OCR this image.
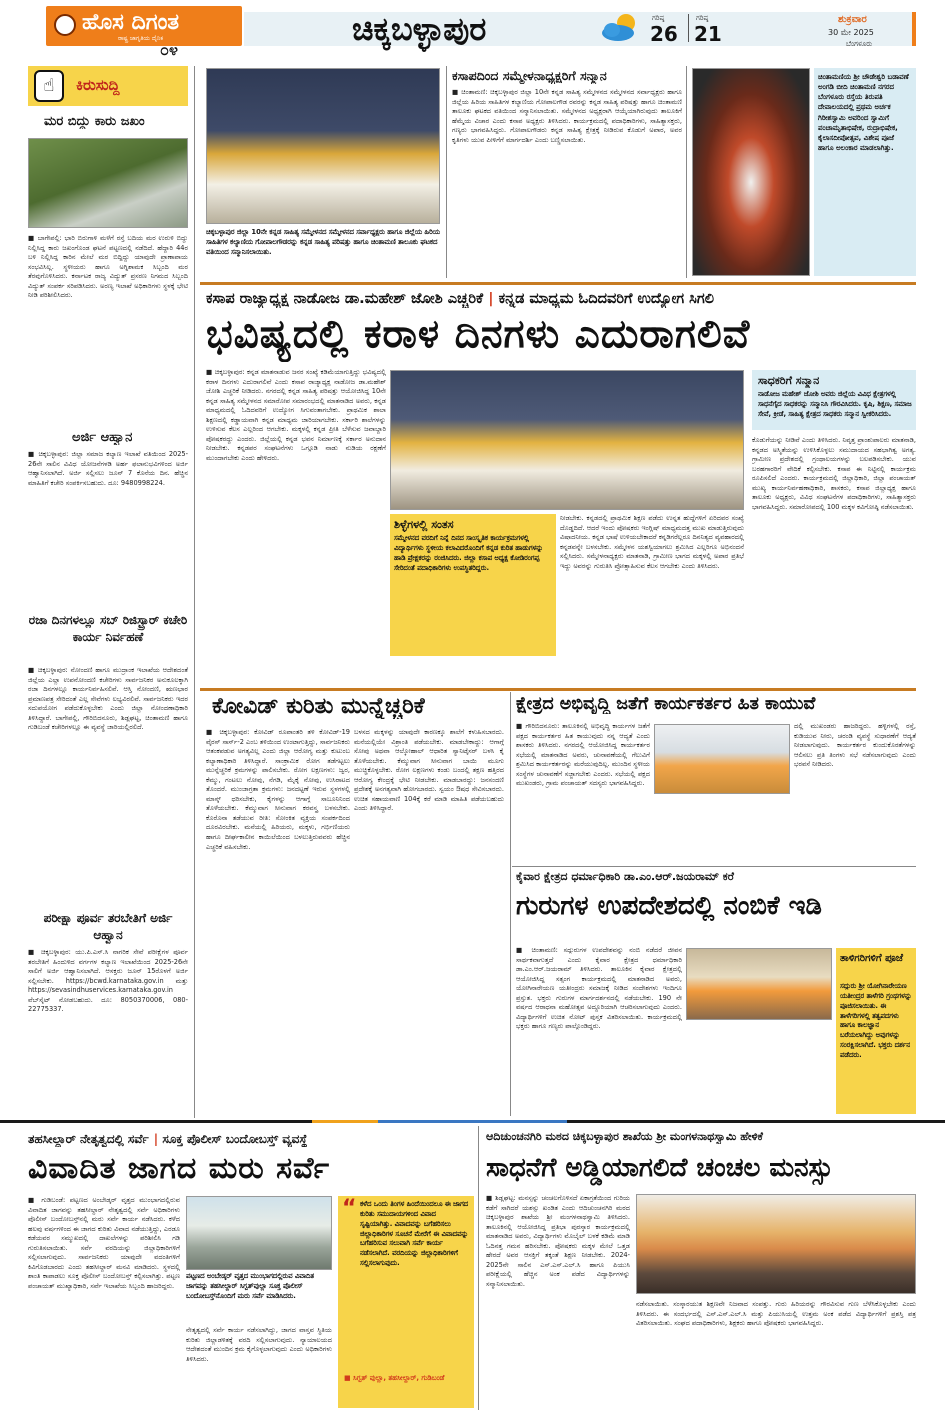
ಹೊಸ ದಿಗಂತ
ರಾಷ್ಟ್ರ ಜಾಗೃತಿಯ ದೈನಿಕ
೦೪
ಚಿಕ್ಕಬಳ್ಳಾಪುರ	ಗರಿಷ್ಠ
26
ಗರಿಷ್ಠ
21
ಶುಕ್ರವಾರ
30 ಮೇ 2025
ಬೆಂಗಳೂರು
☝	ಕಿರುಸುದ್ದಿ
ಮರ ಬಿದ್ದು ಕಾರು ಜಖಂ
■ ಬಾಗೇಪಲ್ಲಿ: ಭಾರಿ ಬಿರುಗಾಳಿ ಮಳೆಗೆ ರಸ್ತೆ ಬದಿಯ ಮರ ಉರುಳಿ ಬಿದ್ದು ನಿಲ್ಲಿಸಿದ್ದ ಕಾರು ಜಖಂಗೊಂಡ ಘಟನೆ ಪಟ್ಟಣದಲ್ಲಿ ನಡೆದಿದೆ. ಹೆದ್ದಾರಿ 44ರ ಬಳಿ ನಿಲ್ಲಿಸಿದ್ದ ಕಾರಿನ ಮೇಲೆ ಮರ ಬಿದ್ದಿದ್ದು ಯಾವುದೇ ಪ್ರಾಣಾಪಾಯ ಸಂಭವಿಸಿಲ್ಲ. ಸ್ಥಳೀಯರು ಹಾಗೂ ಅಗ್ನಿಶಾಮಕ ಸಿಬ್ಬಂದಿ ಮರ ತೆರವುಗೊಳಿಸಿದರು. ಕರ್ನಾಟಕ ರಾಜ್ಯ ವಿದ್ಯುತ್ ಪ್ರಸರಣ ನಿಗಮದ ಸಿಬ್ಬಂದಿ ವಿದ್ಯುತ್ ಸಂಪರ್ಕ ಸರಿಪಡಿಸಿದರು. ಅರಣ್ಯ ಇಲಾಖೆ ಅಧಿಕಾರಿಗಳು ಸ್ಥಳಕ್ಕೆ ಭೇಟಿ ನೀಡಿ ಪರಿಶೀಲಿಸಿದರು.
ಅರ್ಜಿ ಆಹ್ವಾನ
■ ಚಿಕ್ಕಬಳ್ಳಾಪುರ: ಜಿಲ್ಲಾ ಸಮಾಜ ಕಲ್ಯಾಣ ಇಲಾಖೆ ವತಿಯಿಂದ 2025-26ನೇ ಸಾಲಿನ ವಿವಿಧ ಯೋಜನೆಗಳಡಿ ಅರ್ಹ ಫಲಾನುಭವಿಗಳಿಂದ ಅರ್ಜಿ ಆಹ್ವಾನಿಸಲಾಗಿದೆ. ಅರ್ಜಿ ಸಲ್ಲಿಸಲು ಜೂನ್ 7 ಕೊನೆಯ ದಿನ. ಹೆಚ್ಚಿನ ಮಾಹಿತಿಗೆ ಕಚೇರಿ ಸಂಪರ್ಕಿಸಬಹುದು. ದೂ: 9480998224.
ರಜಾ ದಿನಗಳಲ್ಲೂ ಸಬ್ ರಿಜಿಸ್ಟ್ರಾರ್ ಕಚೇರಿ ಕಾರ್ಯ ನಿರ್ವಹಣೆ
■ ಚಿಕ್ಕಬಳ್ಳಾಪುರ: ನೋಂದಣಿ ಹಾಗೂ ಮುದ್ರಾಂಕ ಇಲಾಖೆಯ ಆದೇಶದಂತೆ ಜಿಲ್ಲೆಯ ಎಲ್ಲಾ ಉಪನೋಂದಣಿ ಕಚೇರಿಗಳು ಸಾರ್ವಜನಿಕರ ಅನುಕೂಲಕ್ಕಾಗಿ ರಜಾ ದಿನಗಳಲ್ಲೂ ಕಾರ್ಯನಿರ್ವಹಿಸಲಿವೆ. ಆಸ್ತಿ ನೋಂದಣಿ, ಋಣಭಾರ ಪ್ರಮಾಣಪತ್ರ ಸೇರಿದಂತೆ ಎಲ್ಲ ಸೇವೆಗಳು ಲಭ್ಯವಿರಲಿವೆ. ಸಾರ್ವಜನಿಕರು ಇದರ ಸದುಪಯೋಗ ಪಡೆದುಕೊಳ್ಳಬೇಕು ಎಂದು ಜಿಲ್ಲಾ ನೋಂದಣಾಧಿಕಾರಿ ತಿಳಿಸಿದ್ದಾರೆ. ಬಾಗೇಪಲ್ಲಿ, ಗೌರಿಬಿದನೂರು, ಶಿಡ್ಲಘಟ್ಟ, ಚಿಂತಾಮಣಿ ಹಾಗೂ ಗುಡಿಬಂಡೆ ಕಚೇರಿಗಳಲ್ಲೂ ಈ ವ್ಯವಸ್ಥೆ ಜಾರಿಯಲ್ಲಿರಲಿದೆ.
ಪರೀಕ್ಷಾ ಪೂರ್ವ ತರಬೇತಿಗೆ ಅರ್ಜಿ ಆಹ್ವಾನ
■ ಚಿಕ್ಕಬಳ್ಳಾಪುರ: ಯು.ಪಿ.ಎಸ್.ಸಿ ನಾಗರಿಕ ಸೇವೆ ಪರೀಕ್ಷೆಗಳ ಪೂರ್ವ ತರಬೇತಿಗೆ ಹಿಂದುಳಿದ ವರ್ಗಗಳ ಕಲ್ಯಾಣ ಇಲಾಖೆಯಿಂದ 2025-26ನೇ ಸಾಲಿಗೆ ಅರ್ಜಿ ಆಹ್ವಾನಿಸಲಾಗಿದೆ. ಆಸಕ್ತರು ಜೂನ್ 15ರೊಳಗೆ ಅರ್ಜಿ ಸಲ್ಲಿಸಬೇಕು. https://bcwd.karnataka.gov.in ಮತ್ತು https://sevasindhuservices.karnataka.gov.in ವೆಬ್‌ಸೈಟ್ ನೋಡಬಹುದು. ದೂ: 8050370006, 080-22775337.
ಚಿಕ್ಕಬಳ್ಳಾಪುರ ಜಿಲ್ಲಾ 10ನೇ ಕನ್ನಡ ಸಾಹಿತ್ಯ ಸಮ್ಮೇಳನದ ಸಮ್ಮೇಳನದ ಸರ್ವಾಧ್ಯಕ್ಷರು ಹಾಗೂ ಜಿಲ್ಲೆಯ ಹಿರಿಯ ಸಾಹಿತಿಗಳ ಕಲ್ಯಾಣಿಯ ಗೋಪಾಲಗೌಡರನ್ನು ಕನ್ನಡ ಸಾಹಿತ್ಯ ಪರಿಷತ್ತು ಹಾಗೂ ಚಿಂತಾಮಣಿ ತಾಲೂಕು ಘಟಕದ ವತಿಯಿಂದ ಸನ್ಮಾನಿಸಲಾಯಿತು.
ಕಸಾಪದಿಂದ ಸಮ್ಮೇಳನಾಧ್ಯಕ್ಷರಿಗೆ ಸನ್ಮಾನ
■ ಚಿಂತಾಮಣಿ: ಚಿಕ್ಕಬಳ್ಳಾಪುರ ಜಿಲ್ಲಾ 10ನೇ ಕನ್ನಡ ಸಾಹಿತ್ಯ ಸಮ್ಮೇಳನದ ಸಮ್ಮೇಳನದ ಸರ್ವಾಧ್ಯಕ್ಷರು ಹಾಗೂ ಜಿಲ್ಲೆಯ ಹಿರಿಯ ಸಾಹಿತಿಗಳ ಕಲ್ಯಾಣಿಯ ಗೋಪಾಲಗೌಡ ರವರನ್ನು ಕನ್ನಡ ಸಾಹಿತ್ಯ ಪರಿಷತ್ತು ಹಾಗೂ ಚಿಂತಾಮಣಿ ತಾಲೂಕು ಘಟಕದ ವತಿಯಿಂದ ಸನ್ಮಾನಿಸಲಾಯಿತು. ಸಮ್ಮೇಳನದ ಅಧ್ಯಕ್ಷರಾಗಿ ಆಯ್ಕೆಯಾಗಿರುವುದು ತಾಲೂಕಿಗೆ ಹೆಮ್ಮೆಯ ವಿಚಾರ ಎಂದು ಕಸಾಪ ಅಧ್ಯಕ್ಷರು ತಿಳಿಸಿದರು. ಕಾರ್ಯಕ್ರಮದಲ್ಲಿ ಪದಾಧಿಕಾರಿಗಳು, ಸಾಹಿತ್ಯಾಸಕ್ತರು, ಗಣ್ಯರು ಭಾಗವಹಿಸಿದ್ದರು. ಗೋಪಾಲಗೌಡರು ಕನ್ನಡ ಸಾಹಿತ್ಯ ಕ್ಷೇತ್ರಕ್ಕೆ ನೀಡಿರುವ ಕೊಡುಗೆ ಅಪಾರ, ಅವರ ಕೃತಿಗಳು ಯುವ ಪೀಳಿಗೆಗೆ ಮಾರ್ಗದರ್ಶಿ ಎಂದು ಬಣ್ಣಿಸಲಾಯಿತು.
ಚಿಂತಾಮಣಿಯ ಶ್ರೀ ಚೌಡೇಶ್ವರಿ ಬಡಾವಣೆ ಅಂಗಡಿ ಬೀದಿ ಚಿಂತಾಮಣಿ ನಗರದ ಬೆಂಗಳೂರು ರಸ್ತೆಯ ತಿರುಪತಿ ದೇವಾಲಯದಲ್ಲಿ ಪ್ರಥಮ ಅರ್ಚಕ ಗಿರೀಶಸ್ವಾಮಿ ಅವರಿಂದ ಸ್ವಾಮಿಗೆ ಪಂಚಾಮೃತಾಭಿಷೇಕ, ರುದ್ರಾಭಿಷೇಕ, ಕೈಲಾಸದೀಪೋತ್ಸವ, ವಿಶೇಷ ಪೂಜೆ ಹಾಗೂ ಅಲಂಕಾರ ಮಾಡಲಾಗಿತ್ತು.
ಕಸಾಪ ರಾಜ್ಯಾಧ್ಯಕ್ಷ ನಾಡೋಜ ಡಾ.ಮಹೇಶ್ ಜೋಶಿ ಎಚ್ಚರಿಕೆ | ಕನ್ನಡ ಮಾಧ್ಯಮ ಓದಿದವರಿಗೆ ಉದ್ಯೋಗ ಸಿಗಲಿ
ಭವಿಷ್ಯದಲ್ಲಿ ಕರಾಳ ದಿನಗಳು ಎದುರಾಗಲಿವೆ
■ ಚಿಕ್ಕಬಳ್ಳಾಪುರ: ಕನ್ನಡ ಮಾತನಾಡುವ ಜನರ ಸಂಖ್ಯೆ ಕಡಿಮೆಯಾಗುತ್ತಿದ್ದು ಭವಿಷ್ಯದಲ್ಲಿ ಕರಾಳ ದಿನಗಳು ಎದುರಾಗಲಿವೆ ಎಂದು ಕಸಾಪ ರಾಜ್ಯಾಧ್ಯಕ್ಷ ನಾಡೋಜ ಡಾ.ಮಹೇಶ್ ಜೋಶಿ ಎಚ್ಚರಿಕೆ ನೀಡಿದರು. ನಗರದಲ್ಲಿ ಕನ್ನಡ ಸಾಹಿತ್ಯ ಪರಿಷತ್ತು ಆಯೋಜಿಸಿದ್ದ 10ನೇ ಕನ್ನಡ ಸಾಹಿತ್ಯ ಸಮ್ಮೇಳನದ ಸಮಾರೋಪ ಸಮಾರಂಭದಲ್ಲಿ ಮಾತನಾಡಿದ ಅವರು, ಕನ್ನಡ ಮಾಧ್ಯಮದಲ್ಲಿ ಓದಿದವರಿಗೆ ಉದ್ಯೋಗ ಸಿಗುವಂತಾಗಬೇಕು. ಪ್ರಾಥಮಿಕ ಶಾಲಾ ಶಿಕ್ಷಣದಲ್ಲಿ ಕಡ್ಡಾಯವಾಗಿ ಕನ್ನಡ ಮಾಧ್ಯಮ ಜಾರಿಯಾಗಬೇಕು. ಸರ್ಕಾರಿ ಶಾಲೆಗಳನ್ನು ಉಳಿಸುವ ಕೆಲಸ ಎಲ್ಲರಿಂದ ಆಗಬೇಕು. ಮಕ್ಕಳಲ್ಲಿ ಕನ್ನಡ ಪ್ರೀತಿ ಬೆಳೆಸುವ ಜವಾಬ್ದಾರಿ ಪೋಷಕರದ್ದು ಎಂದರು. ಜಿಲ್ಲೆಯಲ್ಲಿ ಕನ್ನಡ ಭವನ ನಿರ್ಮಾಣಕ್ಕೆ ಸರ್ಕಾರ ಅನುದಾನ ನೀಡಬೇಕು. ಕನ್ನಡಪರ ಸಂಘಟನೆಗಳು ಒಗ್ಗೂಡಿ ನಾಡು ನುಡಿಯ ರಕ್ಷಣೆಗೆ ಮುಂದಾಗಬೇಕು ಎಂದು ಹೇಳಿದರು.
ಶಿಳ್ಳೆಗಳಲ್ಲಿ ಸಂತಸ
ಸಮ್ಮೇಳನದ ವರದಿಗೆ ನಿನ್ನೆ ದಿನದ ಸಾಂಸ್ಕೃತಿಕ ಕಾರ್ಯಕ್ರಮಗಳಲ್ಲಿ ವಿದ್ಯಾರ್ಥಿಗಳು ಸ್ಥಳೀಯ ಕಲಾವಿದರೊಂದಿಗೆ ಕನ್ನಡ ಕುರಿತ ಹಾಡುಗಳನ್ನು ಹಾಡಿ ಪ್ರೇಕ್ಷಕರನ್ನು ರಂಜಿಸಿದರು. ಜಿಲ್ಲಾ ಕಸಾಪ ಅಧ್ಯಕ್ಷ ಕೋಡಿರಂಗಪ್ಪ ಸೇರಿದಂತೆ ಪದಾಧಿಕಾರಿಗಳು ಉಪಸ್ಥಿತರಿದ್ದರು.
ನೀಡಬೇಕು. ಕನ್ನಡದಲ್ಲಿ ಪ್ರಾಥಮಿಕ ಶಿಕ್ಷಣ ಪಡೆದು ಉನ್ನತ ಹುದ್ದೆಗಳಿಗೆ ಏರಿದವರ ಸಂಖ್ಯೆ ದೊಡ್ಡದಿದೆ. ಆದರೆ ಇಂದು ಪೋಷಕರು ಇಂಗ್ಲಿಷ್ ಮಾಧ್ಯಮದತ್ತ ಮುಖ ಮಾಡುತ್ತಿರುವುದು ವಿಷಾದನೀಯ. ಕನ್ನಡ ಭಾಷೆ ಉಳಿಯಬೇಕಾದರೆ ಕನ್ನಡಿಗರೆಲ್ಲರೂ ದಿನನಿತ್ಯದ ವ್ಯವಹಾರದಲ್ಲಿ ಕನ್ನಡವನ್ನೇ ಬಳಸಬೇಕು. ಸಮ್ಮೇಳನ ಯಶಸ್ವಿಯಾಗಲು ಶ್ರಮಿಸಿದ ಎಲ್ಲರಿಗೂ ಅಭಿನಂದನೆ ಸಲ್ಲಿಸಿದರು. ಸಮ್ಮೇಳನಾಧ್ಯಕ್ಷರು ಮಾತನಾಡಿ, ಗ್ರಾಮೀಣ ಭಾಗದ ಮಕ್ಕಳಲ್ಲಿ ಅಪಾರ ಪ್ರತಿಭೆ ಇದ್ದು ಅವರನ್ನು ಗುರುತಿಸಿ ಪ್ರೋತ್ಸಾಹಿಸುವ ಕೆಲಸ ಆಗಬೇಕು ಎಂದು ತಿಳಿಸಿದರು.
ಸಾಧಕರಿಗೆ ಸನ್ಮಾನ
ನಾಡೋಜ ಮಹೇಶ್ ಜೋಶಿ ಅವರು ಜಿಲ್ಲೆಯ ವಿವಿಧ ಕ್ಷೇತ್ರಗಳಲ್ಲಿ ಸಾಧನೆಗೈದ ಸಾಧಕರನ್ನು ಸನ್ಮಾನಿಸಿ ಗೌರವಿಸಿದರು. ಕೃಷಿ, ಶಿಕ್ಷಣ, ಸಮಾಜ ಸೇವೆ, ಕ್ರೀಡೆ, ಸಾಹಿತ್ಯ ಕ್ಷೇತ್ರದ ಸಾಧಕರು ಸನ್ಮಾನ ಸ್ವೀಕರಿಸಿದರು.
ಕೊಡುಗೆಯನ್ನು ನೀಡಿವೆ ಎಂದು ತಿಳಿಸಿದರು. ನಿವೃತ್ತ ಪ್ರಾಂಶುಪಾಲರು ಮಾತನಾಡಿ, ಕನ್ನಡದ ಅಸ್ಮಿತೆಯನ್ನು ಉಳಿಸಿಕೊಳ್ಳಲು ಸಮುದಾಯದ ಸಹಭಾಗಿತ್ವ ಅಗತ್ಯ. ಗ್ರಾಮೀಣ ಪ್ರದೇಶದಲ್ಲಿ ಗ್ರಂಥಾಲಯಗಳನ್ನು ಬಲಪಡಿಸಬೇಕು. ಯುವ ಬರಹಗಾರರಿಗೆ ವೇದಿಕೆ ಕಲ್ಪಿಸಬೇಕು. ಕಸಾಪ ಈ ನಿಟ್ಟಿನಲ್ಲಿ ಕಾರ್ಯಕ್ರಮ ರೂಪಿಸಲಿದೆ ಎಂದರು. ಕಾರ್ಯಕ್ರಮದಲ್ಲಿ ಜಿಲ್ಲಾಧಿಕಾರಿ, ಜಿಲ್ಲಾ ಪಂಚಾಯತ್ ಮುಖ್ಯ ಕಾರ್ಯನಿರ್ವಹಣಾಧಿಕಾರಿ, ಶಾಸಕರು, ಕಸಾಪ ಜಿಲ್ಲಾಧ್ಯಕ್ಷ ಹಾಗೂ ತಾಲೂಕು ಅಧ್ಯಕ್ಷರು, ವಿವಿಧ ಸಂಘಟನೆಗಳ ಪದಾಧಿಕಾರಿಗಳು, ಸಾಹಿತ್ಯಾಸಕ್ತರು ಭಾಗವಹಿಸಿದ್ದರು. ಸಮಾರೋಪದಲ್ಲಿ 100 ಮಕ್ಕಳ ಕವಿಗೋಷ್ಠಿ ನಡೆಸಲಾಯಿತು.
ಕೋವಿಡ್ ಕುರಿತು ಮುನ್ನೆಚ್ಚರಿಕೆ
■ ಚಿಕ್ಕಬಳ್ಳಾಪುರ: ಕೋವಿಡ್ ರೂಪಾಂತರಿ ತಳಿ ಕೋವಿಡ್-19 ವೈರಸ್ ಸಾರ್ಸ್-2 ಎಂಬ ತಳಿಯಿಂದ ಉಂಟಾಗುತ್ತಿದ್ದು, ಸಾರ್ವಜನಿಕರು ಆತಂಕಪಡುವ ಅಗತ್ಯವಿಲ್ಲ ಎಂದು ಜಿಲ್ಲಾ ಆರೋಗ್ಯ ಮತ್ತು ಕುಟುಂಬ ಕಲ್ಯಾಣಾಧಿಕಾರಿ ತಿಳಿಸಿದ್ದಾರೆ. ಸಾಂಕ್ರಾಮಿಕ ರೋಗ ತಡೆಗಟ್ಟಲು ಮುನ್ನೆಚ್ಚರಿಕೆ ಕ್ರಮಗಳನ್ನು ಪಾಲಿಸಬೇಕು. ರೋಗ ಲಕ್ಷಣಗಳು: ಜ್ವರ, ಕೆಮ್ಮು, ಗಂಟಲು ನೋವು, ನೆಗಡಿ, ಮೈಕೈ ನೋವು, ಉಸಿರಾಟದ ತೊಂದರೆ. ಮುಂಜಾಗ್ರತಾ ಕ್ರಮಗಳು: ಜನದಟ್ಟಣೆ ಇರುವ ಸ್ಥಳಗಳಲ್ಲಿ ಮಾಸ್ಕ್ ಧರಿಸಬೇಕು, ಕೈಗಳನ್ನು ಆಗಾಗ್ಗೆ ಸಾಬೂನಿನಿಂದ ತೊಳೆಯಬೇಕು. ಕೆಮ್ಮುವಾಗ ಸೀನುವಾಗ ಕರವಸ್ತ್ರ ಬಳಸಬೇಕು. ಕೊರೊನಾ ತಡೆಯುವ ರೀತಿ: ಸೋಂಕಿತ ವ್ಯಕ್ತಿಯ ಸಂಪರ್ಕದಿಂದ ದೂರವಿರಬೇಕು. ಮನೆಯಲ್ಲಿ ಹಿರಿಯರು, ಮಕ್ಕಳು, ಗರ್ಭಿಣಿಯರು ಹಾಗೂ ದೀರ್ಘಕಾಲೀನ ಕಾಯಿಲೆಯಿಂದ ಬಳಲುತ್ತಿರುವವರು ಹೆಚ್ಚಿನ ಎಚ್ಚರಿಕೆ ವಹಿಸಬೇಕು.
ಬಳಸದ ಮಕ್ಕಳನ್ನು ಯಾವುದೇ ಕಾರಣಕ್ಕೂ ಶಾಲೆಗೆ ಕಳುಹಿಸಬಾರದು. ಮನೆಯಲ್ಲಿಯೇ ವಿಶ್ರಾಂತಿ ಪಡೆಯಬೇಕು. ಮಾಡಬೇಕಾದ್ದು: ಆಗಾಗ್ಗೆ ಸೋಪು ಅಥವಾ ಆಲ್ಕೋಹಾಲ್ ಆಧಾರಿತ ಸ್ಯಾನಿಟೈಸರ್ ಬಳಸಿ ಕೈ ತೊಳೆಯಬೇಕು. ಕೆಮ್ಮುವಾಗ ಸೀನುವಾಗ ಬಾಯಿ ಮೂಗು ಮುಚ್ಚಿಕೊಳ್ಳಬೇಕು. ರೋಗ ಲಕ್ಷಣಗಳು ಕಂಡು ಬಂದಲ್ಲಿ ತಕ್ಷಣ ಹತ್ತಿರದ ಆರೋಗ್ಯ ಕೇಂದ್ರಕ್ಕೆ ಭೇಟಿ ನೀಡಬೇಕು. ಮಾಡಬಾರದ್ದು: ಜನಸಂದಣಿ ಪ್ರದೇಶಕ್ಕೆ ಅನಗತ್ಯವಾಗಿ ಹೋಗಬಾರದು. ಸ್ವಯಂ ಔಷಧ ಸೇವಿಸಬಾರದು. ಉಚಿತ ಸಹಾಯವಾಣಿ 104ಕ್ಕೆ ಕರೆ ಮಾಡಿ ಮಾಹಿತಿ ಪಡೆಯಬಹುದು ಎಂದು ತಿಳಿಸಿದ್ದಾರೆ.
ಕ್ಷೇತ್ರದ ಅಭಿವೃದ್ಧಿ ಜತೆಗೆ ಕಾರ್ಯಕರ್ತರ ಹಿತ ಕಾಯುವೆ
■ ಗೌರಿಬಿದನೂರು: ತಾಲೂಕಿನಲ್ಲಿ ಅಭಿವೃದ್ಧಿ ಕಾರ್ಯಗಳ ಜತೆಗೆ ಪಕ್ಷದ ಕಾರ್ಯಕರ್ತರ ಹಿತ ಕಾಯುವುದು ನನ್ನ ಆದ್ಯತೆ ಎಂದು ಶಾಸಕರು ತಿಳಿಸಿದರು. ನಗರದಲ್ಲಿ ಆಯೋಜಿಸಿದ್ದ ಕಾರ್ಯಕರ್ತರ ಸಭೆಯಲ್ಲಿ ಮಾತನಾಡಿದ ಅವರು, ಚುನಾವಣೆಯಲ್ಲಿ ಗೆಲುವಿಗೆ ಶ್ರಮಿಸಿದ ಕಾರ್ಯಕರ್ತರನ್ನು ಮರೆಯುವುದಿಲ್ಲ. ಮುಂದಿನ ಸ್ಥಳೀಯ ಸಂಸ್ಥೆಗಳ ಚುನಾವಣೆಗೆ ಸಜ್ಜಾಗಬೇಕು ಎಂದರು. ಸಭೆಯಲ್ಲಿ ಪಕ್ಷದ ಮುಖಂಡರು, ಗ್ರಾಮ ಪಂಚಾಯತ್ ಸದಸ್ಯರು ಭಾಗವಹಿಸಿದ್ದರು.
ದಲ್ಲಿ ಮುಖಂಡರು ಹಾಜರಿದ್ದರು. ಹಳ್ಳಿಗಳಲ್ಲಿ ರಸ್ತೆ, ಕುಡಿಯುವ ನೀರು, ಚರಂಡಿ ವ್ಯವಸ್ಥೆ ಸುಧಾರಣೆಗೆ ಆದ್ಯತೆ ನೀಡಲಾಗುವುದು. ಕಾರ್ಯಕರ್ತರ ಕುಂದುಕೊರತೆಗಳನ್ನು ಆಲಿಸಲು ಪ್ರತಿ ತಿಂಗಳು ಸಭೆ ನಡೆಸಲಾಗುವುದು ಎಂದು ಭರವಸೆ ನೀಡಿದರು.
ಕೈವಾರ ಕ್ಷೇತ್ರದ ಧರ್ಮಾಧಿಕಾರಿ ಡಾ.ಎಂ.ಆರ್.ಜಯರಾಮ್ ಕರೆ
ಗುರುಗಳ ಉಪದೇಶದಲ್ಲಿ ನಂಬಿಕೆ ಇಡಿ
■ ಚಿಂತಾಮಣಿ: ಸದ್ಗುರುಗಳ ಉಪದೇಶವನ್ನು ನಂಬಿ ನಡೆದರೆ ಜೀವನ ಸಾರ್ಥಕವಾಗುತ್ತದೆ ಎಂದು ಕೈವಾರ ಕ್ಷೇತ್ರದ ಧರ್ಮಾಧಿಕಾರಿ ಡಾ.ಎಂ.ಆರ್.ಜಯರಾಮ್ ತಿಳಿಸಿದರು. ತಾಲೂಕಿನ ಕೈವಾರ ಕ್ಷೇತ್ರದಲ್ಲಿ ಆಯೋಜಿಸಿದ್ದ ಸತ್ಸಂಗ ಕಾರ್ಯಕ್ರಮದಲ್ಲಿ ಮಾತನಾಡಿದ ಅವರು, ಯೋಗಿನಾರೇಯಣ ಯತೀಂದ್ರರು ಸಮಾಜಕ್ಕೆ ನೀಡಿದ ಸಂದೇಶಗಳು ಇಂದಿಗೂ ಪ್ರಸ್ತುತ. ಭಕ್ತರು ಗುರುಗಳ ಮಾರ್ಗದರ್ಶನದಲ್ಲಿ ನಡೆಯಬೇಕು. 190 ನೇ ವರ್ಷದ ಆರಾಧನಾ ಮಹೋತ್ಸವ ಅದ್ದೂರಿಯಾಗಿ ಆಚರಿಸಲಾಗುವುದು ಎಂದರು. ವಿದ್ಯಾರ್ಥಿಗಳಿಗೆ ಉಚಿತ ನೋಟ್ ಪುಸ್ತಕ ವಿತರಿಸಲಾಯಿತು. ಕಾರ್ಯಕ್ರಮದಲ್ಲಿ ಭಕ್ತರು ಹಾಗೂ ಗಣ್ಯರು ಪಾಲ್ಗೊಂಡಿದ್ದರು.
ತಾಳಿಗರಿಗಳಿಗೆ ಪೂಜೆ
ಸದ್ಗುರು ಶ್ರೀ ಯೋಗಿನಾರೇಯಣ ಯತೀಂದ್ರರ ತಾಳೆಗರಿ ಗ್ರಂಥಗಳನ್ನು ಪೂಜಿಸಲಾಯಿತು. ಈ ತಾಳೆಗರಿಗಳಲ್ಲಿ ತತ್ವಪದಗಳು ಹಾಗೂ ಕಾಲಜ್ಞಾನ ಬರೆಯಲಾಗಿದ್ದು ಅವುಗಳನ್ನು ಸಂರಕ್ಷಿಸಲಾಗಿದೆ. ಭಕ್ತರು ದರ್ಶನ ಪಡೆದರು.
ತಹಸೀಲ್ದಾರ್ ನೇತೃತ್ವದಲ್ಲಿ ಸರ್ವೆ | ಸೂಕ್ತ ಪೊಲೀಸ್ ಬಂದೋಬಸ್ತ್ ವ್ಯವಸ್ಥೆ
ವಿವಾದಿತ ಜಾಗದ ಮರು ಸರ್ವೆ
■ ಗುಡಿಬಂಡೆ: ಪಟ್ಟಣದ ಅಂಬೇಡ್ಕರ್ ವೃತ್ತದ ಮುಂಭಾಗದಲ್ಲಿರುವ ವಿವಾದಿತ ಜಾಗವನ್ನು ತಹಸೀಲ್ದಾರ್ ನೇತೃತ್ವದಲ್ಲಿ ಸರ್ವೆ ಅಧಿಕಾರಿಗಳು ಪೊಲೀಸ್ ಬಂದೋಬಸ್ತ್‌ನಲ್ಲಿ ಮರು ಸರ್ವೆ ಕಾರ್ಯ ನಡೆಸಿದರು. ಕಳೆದ ಹಲವು ವರ್ಷಗಳಿಂದ ಈ ಜಾಗದ ಕುರಿತು ವಿವಾದ ನಡೆಯುತ್ತಿದ್ದು, ಎರಡೂ ಕಡೆಯವರ ಸಮ್ಮುಖದಲ್ಲಿ ದಾಖಲೆಗಳನ್ನು ಪರಿಶೀಲಿಸಿ ಗಡಿ ಗುರುತಿಸಲಾಯಿತು. ಸರ್ವೆ ವರದಿಯನ್ನು ಜಿಲ್ಲಾಧಿಕಾರಿಗಳಿಗೆ ಸಲ್ಲಿಸಲಾಗುವುದು. ಸಾರ್ವಜನಿಕರು ಯಾವುದೇ ವದಂತಿಗಳಿಗೆ ಕಿವಿಗೊಡಬಾರದು ಎಂದು ತಹಸೀಲ್ದಾರ್ ಮನವಿ ಮಾಡಿದರು. ಸ್ಥಳದಲ್ಲಿ ಶಾಂತಿ ಕಾಪಾಡಲು ಸೂಕ್ತ ಪೊಲೀಸ್ ಬಂದೋಬಸ್ತ್ ಕಲ್ಪಿಸಲಾಗಿತ್ತು. ಪಟ್ಟಣ ಪಂಚಾಯತ್ ಮುಖ್ಯಾಧಿಕಾರಿ, ಸರ್ವೆ ಇಲಾಖೆಯ ಸಿಬ್ಬಂದಿ ಹಾಜರಿದ್ದರು.
ಪಟ್ಟಣದ ಅಂಬೇಡ್ಕರ್ ವೃತ್ತದ ಮುಂಭಾಗದಲ್ಲಿರುವ ವಿವಾದಿತ ಜಾಗವನ್ನು ತಹಸೀಲ್ದಾರ್ ಸಿಗ್ಬತ್‌ವುಲ್ಲಾ ಸೂಕ್ತ ಪೊಲೀಸ್ ಬಂದೋಬಸ್ತ್‌ನೊಂದಿಗೆ ಮರು ಸರ್ವೆ ಮಾಡಿಸಿದರು.
ನೇತೃತ್ವದಲ್ಲಿ ಸರ್ವೆ ಕಾರ್ಯ ನಡೆಸಲಾಗಿದ್ದು, ಜಾಗದ ವಾಸ್ತವ ಸ್ಥಿತಿಯ ಕುರಿತು ಜಿಲ್ಲಾಡಳಿತಕ್ಕೆ ವರದಿ ಸಲ್ಲಿಸಲಾಗುವುದು. ನ್ಯಾಯಾಲಯದ ಆದೇಶದಂತೆ ಮುಂದಿನ ಕ್ರಮ ಕೈಗೊಳ್ಳಲಾಗುವುದು ಎಂದು ಅಧಿಕಾರಿಗಳು ತಿಳಿಸಿದರು.
“ ಕಳೆದ ಒಂದು ತಿಂಗಳ ಹಿಂದೆಯಿಂದಲೂ ಈ ಜಾಗದ ಕುರಿತು ಸಮುದಾಯಗಳಿಂದ ವಿವಾದ ಸೃಷ್ಟಿಯಾಗಿತ್ತು. ವಿವಾದವನ್ನು ಬಗೆಹರಿಸಲು ಜಿಲ್ಲಾಧಿಕಾರಿಗಳ ಸೂಚನೆ ಮೇರೆಗೆ ಈ ವಿವಾದವನ್ನು ಬಗೆಹರಿಸುವ ಸಲುವಾಗಿ ಸರ್ವೆ ಕಾರ್ಯ ನಡೆಸಲಾಗಿದೆ. ವರದಿಯನ್ನು ಜಿಲ್ಲಾಧಿಕಾರಿಗಳಿಗೆ ಸಲ್ಲಿಸಲಾಗುವುದು.
■ ಸಿಗ್ಬತ್ ವುಲ್ಲಾ, ತಹಸೀಲ್ದಾರ್, ಗುಡಿಬಂಡೆ
ಆದಿಚುಂಚನಗಿರಿ ಮಠದ ಚಿಕ್ಕಬಳ್ಳಾಪುರ ಶಾಖೆಯ ಶ್ರೀ ಮಂಗಳನಾಥಸ್ವಾಮಿ ಹೇಳಿಕೆ
ಸಾಧನೆಗೆ ಅಡ್ಡಿಯಾಗಲಿದೆ ಚಂಚಲ ಮನಸ್ಸು
■ ಶಿಡ್ಲಘಟ್ಟ: ಮನಸ್ಸನ್ನು ಚಂಚಲಗೊಳಿಸದೆ ಏಕಾಗ್ರತೆಯಿಂದ ಗುರಿಯ ಕಡೆಗೆ ಸಾಗಿದರೆ ಯಶಸ್ಸು ಖಂಡಿತ ಎಂದು ಆದಿಚುಂಚನಗಿರಿ ಮಠದ ಚಿಕ್ಕಬಳ್ಳಾಪುರ ಶಾಖೆಯ ಶ್ರೀ ಮಂಗಳನಾಥಸ್ವಾಮಿ ತಿಳಿಸಿದರು. ತಾಲೂಕಿನಲ್ಲಿ ಆಯೋಜಿಸಿದ್ದ ಪ್ರತಿಭಾ ಪುರಸ್ಕಾರ ಕಾರ್ಯಕ್ರಮದಲ್ಲಿ ಮಾತನಾಡಿದ ಅವರು, ವಿದ್ಯಾರ್ಥಿಗಳು ಮೊಬೈಲ್ ಬಳಕೆ ಕಡಿಮೆ ಮಾಡಿ ಓದಿನತ್ತ ಗಮನ ಹರಿಸಬೇಕು. ಪೋಷಕರು ಮಕ್ಕಳ ಮೇಲೆ ಒತ್ತಡ ಹೇರದೆ ಅವರ ಆಸಕ್ತಿಗೆ ತಕ್ಕಂತೆ ಶಿಕ್ಷಣ ನೀಡಬೇಕು. 2024-2025ನೇ ಸಾಲಿನ ಎಸ್.ಎಸ್.ಎಲ್.ಸಿ ಹಾಗೂ ಪಿಯುಸಿ ಪರೀಕ್ಷೆಯಲ್ಲಿ ಹೆಚ್ಚಿನ ಅಂಕ ಪಡೆದ ವಿದ್ಯಾರ್ಥಿಗಳನ್ನು ಸನ್ಮಾನಿಸಲಾಯಿತು.
ನಡೆಸಲಾಯಿತು. ಸಂಸ್ಕಾರಯುತ ಶಿಕ್ಷಣವೇ ನಿಜವಾದ ಸಂಪತ್ತು. ಗುರು ಹಿರಿಯರನ್ನು ಗೌರವಿಸುವ ಗುಣ ಬೆಳೆಸಿಕೊಳ್ಳಬೇಕು ಎಂದು ತಿಳಿಸಿದರು. ಈ ಸಂದರ್ಭದಲ್ಲಿ ಎಸ್.ಎಸ್.ಎಲ್.ಸಿ ಮತ್ತು ಪಿಯುಸಿಯಲ್ಲಿ ಉತ್ತಮ ಅಂಕ ಪಡೆದ ವಿದ್ಯಾರ್ಥಿಗಳಿಗೆ ಪ್ರಶಸ್ತಿ ಪತ್ರ ವಿತರಿಸಲಾಯಿತು. ಸಂಘದ ಪದಾಧಿಕಾರಿಗಳು, ಶಿಕ್ಷಕರು ಹಾಗೂ ಪೋಷಕರು ಭಾಗವಹಿಸಿದ್ದರು.
